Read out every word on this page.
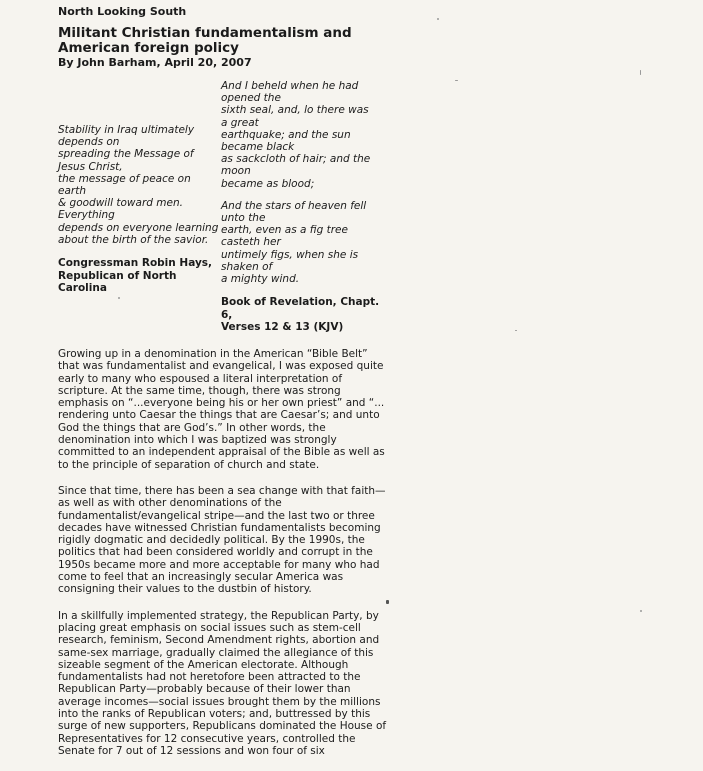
North Looking South
Militant Christian fundamentalism and
American foreign policy
By John Barham, April 20, 2007
Stability in Iraq ultimately
depends on
spreading the Message of
Jesus Christ,
the message of peace on
earth
& goodwill toward men.
Everything
depends on everyone learning
about the birth of the savior.
Congressman Robin Hays,
Republican of North
Carolina

And I beheld when he had
opened the
sixth seal, and, lo there was
a great
earthquake; and the sun
became black
as sackcloth of hair; and the
moon
became as blood;

And the stars of heaven fell
unto the
earth, even as a fig tree
casteth her
untimely figs, when she is
shaken of
a mighty wind.

Book of Revelation, Chapt.
6,
Verses 12 & 13 (KJV)

Growing up in a denomination in the American “Bible Belt”
that was fundamentalist and evangelical, I was exposed quite
early to many who espoused a literal interpretation of
scripture. At the same time, though, there was strong
emphasis on “...everyone being his or her own priest” and “...
rendering unto Caesar the things that are Caesar’s; and unto
God the things that are God’s.” In other words, the
denomination into which I was baptized was strongly
committed to an independent appraisal of the Bible as well as
to the principle of separation of church and state.

Since that time, there has been a sea change with that faith—
as well as with other denominations of the
fundamentalist/evangelical stripe—and the last two or three
decades have witnessed Christian fundamentalists becoming
rigidly dogmatic and decidedly political. By the 1990s, the
politics that had been considered worldly and corrupt in the
1950s became more and more acceptable for many who had
come to feel that an increasingly secular America was
consigning their values to the dustbin of history.

In a skillfully implemented strategy, the Republican Party, by
placing great emphasis on social issues such as stem-cell
research, feminism, Second Amendment rights, abortion and
same-sex marriage, gradually claimed the allegiance of this
sizeable segment of the American electorate. Although
fundamentalists had not heretofore been attracted to the
Republican Party—probably because of their lower than
average incomes—social issues brought them by the millions
into the ranks of Republican voters; and, buttressed by this
surge of new supporters, Republicans dominated the House of
Representatives for 12 consecutive years, controlled the
Senate for 7 out of 12 sessions and won four of six
